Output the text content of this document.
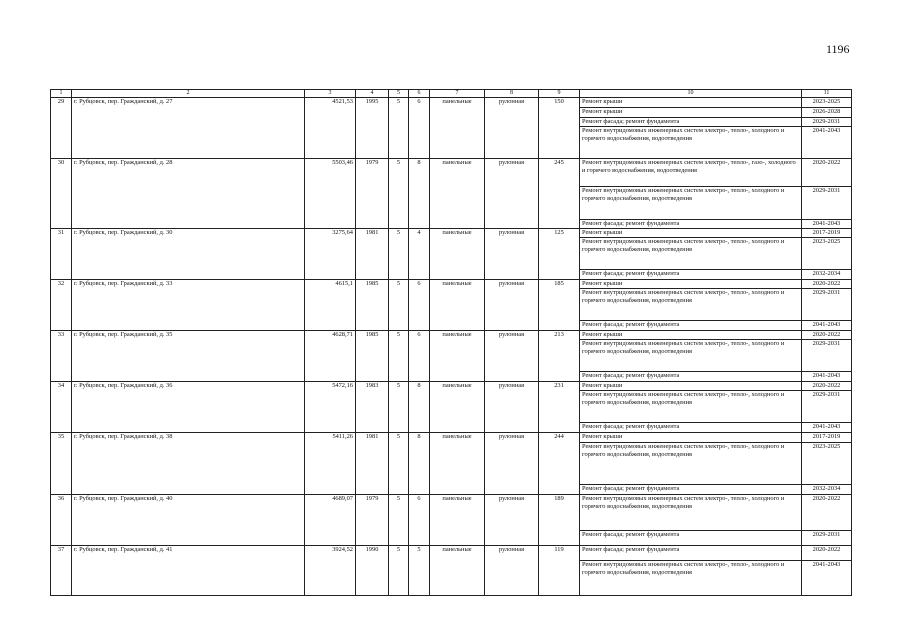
1196
1	2	3	4	5	6	7	8	9	10	11
29	г. Рубцовск, пер. Гражданский, д. 27	4521,53	1995	5	6	панельные	рулонная	150	Ремонт крыши	2023-2025
									Ремонт крыши	2026-2028
									Ремонт фасада; ремонт фундамента	2029-2031
									Ремонт внутридомовых инженерных систем электро-, тепло-, холодного и горячего водоснабжения, водоотведения	2041-2043
30	г. Рубцовск, пер. Гражданский, д. 28	5503,46	1979	5	8	панельные	рулонная	245	Ремонт внутридомовых инженерных систем электро-, тепло-, газо-, холодного и горячего водоснабжения, водоотведения	2020-2022
									Ремонт внутридомовых инженерных систем электро-, тепло-, холодного и горячего водоснабжения, водоотведения	2029-2031
									Ремонт фасада; ремонт фундамента	2041-2043
31	г. Рубцовск, пер. Гражданский, д. 30	3275,64	1981	5	4	панельные	рулонная	125	Ремонт крыши	2017-2019
									Ремонт внутридомовых инженерных систем электро-, тепло-, холодного и горячего водоснабжения, водоотведения	2023-2025
									Ремонт фасада; ремонт фундамента	2032-2034
32	г. Рубцовск, пер. Гражданский, д. 33	4615,1	1985	5	6	панельные	рулонная	185	Ремонт крыши	2020-2022
									Ремонт внутридомовых инженерных систем электро-, тепло-, холодного и горячего водоснабжения, водоотведения	2029-2031
									Ремонт фасада; ремонт фундамента	2041-2043
33	г. Рубцовск, пер. Гражданский, д. 35	4628,71	1985	5	6	панельные	рулонная	213	Ремонт крыши	2020-2022
									Ремонт внутридомовых инженерных систем электро-, тепло-, холодного и горячего водоснабжения, водоотведения	2029-2031
									Ремонт фасада; ремонт фундамента	2041-2043
34	г. Рубцовск, пер. Гражданский, д. 36	5472,16	1983	5	8	панельные	рулонная	231	Ремонт крыши	2020-2022
									Ремонт внутридомовых инженерных систем электро-, тепло-, холодного и горячего водоснабжения, водоотведения	2029-2031
									Ремонт фасада; ремонт фундамента	2041-2043
35	г. Рубцовск, пер. Гражданский, д. 38	5411,26	1981	5	8	панельные	рулонная	244	Ремонт крыши	2017-2019
									Ремонт внутридомовых инженерных систем электро-, тепло-, холодного и горячего водоснабжения, водоотведения	2023-2025
									Ремонт фасада; ремонт фундамента	2032-2034
36	г. Рубцовск, пер. Гражданский, д. 40	4689,07	1979	5	6	панельные	рулонная	189	Ремонт внутридомовых инженерных систем электро-, тепло-, холодного и горячего водоснабжения, водоотведения	2020-2022
									Ремонт фасада; ремонт фундамента	2029-2031
37	г. Рубцовск, пер. Гражданский, д. 41	3924,52	1990	5	5	панельные	рулонная	119	Ремонт фасада; ремонт фундамента	2020-2022
									Ремонт внутридомовых инженерных систем электро-, тепло-, холодного и горячего водоснабжения, водоотведения	2041-2043
